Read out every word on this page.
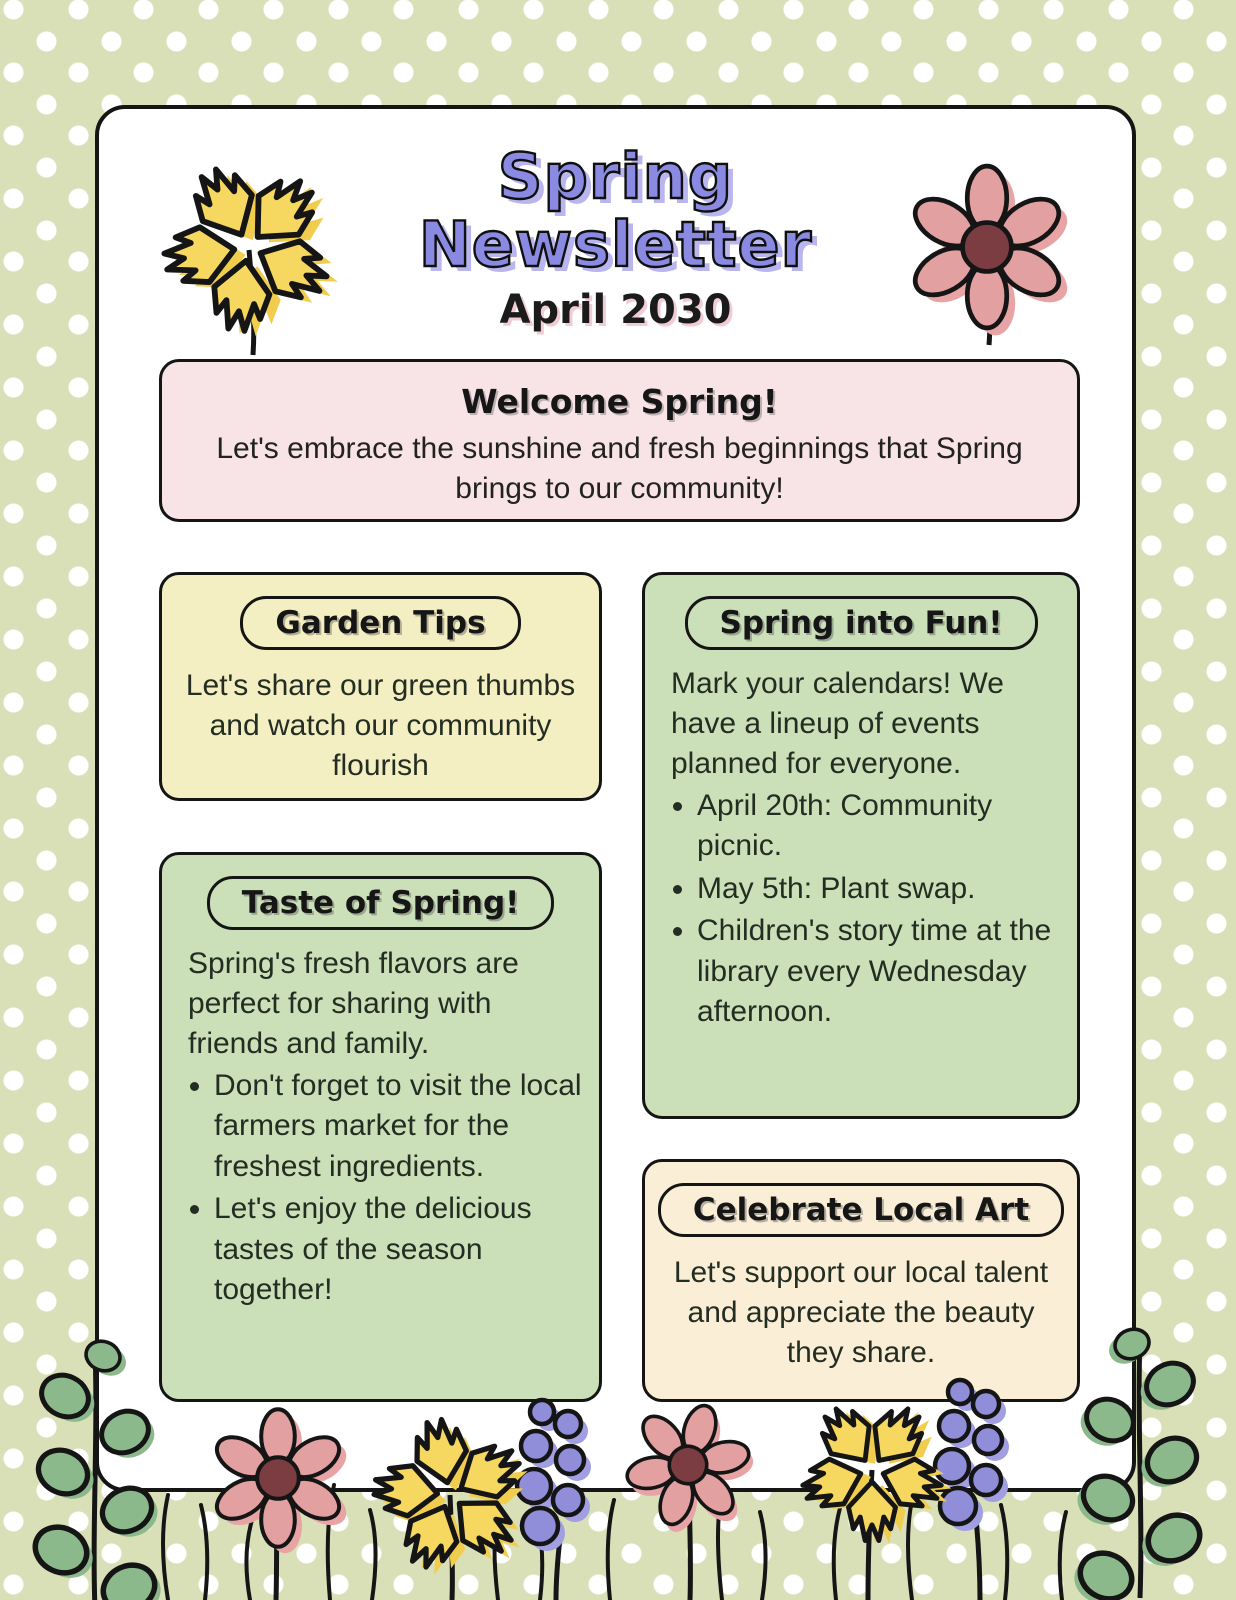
Spring
Newsletter
April 2030
Welcome Spring!
Let's embrace the sunshine and fresh beginnings that Spring brings to our community!
Garden Tips
Let's share our green thumbs and watch our community flourish
Spring into Fun!
Mark your calendars! We have a lineup of events planned for everyone.
• April 20th: Community picnic.
• May 5th: Plant swap.
• Children's story time at the library every Wednesday afternoon.
Taste of Spring!
Spring's fresh flavors are perfect for sharing with friends and family.
• Don't forget to visit the local farmers market for the freshest ingredients.
• Let's enjoy the delicious tastes of the season together!
Celebrate Local Art
Let's support our local talent and appreciate the beauty they share.
